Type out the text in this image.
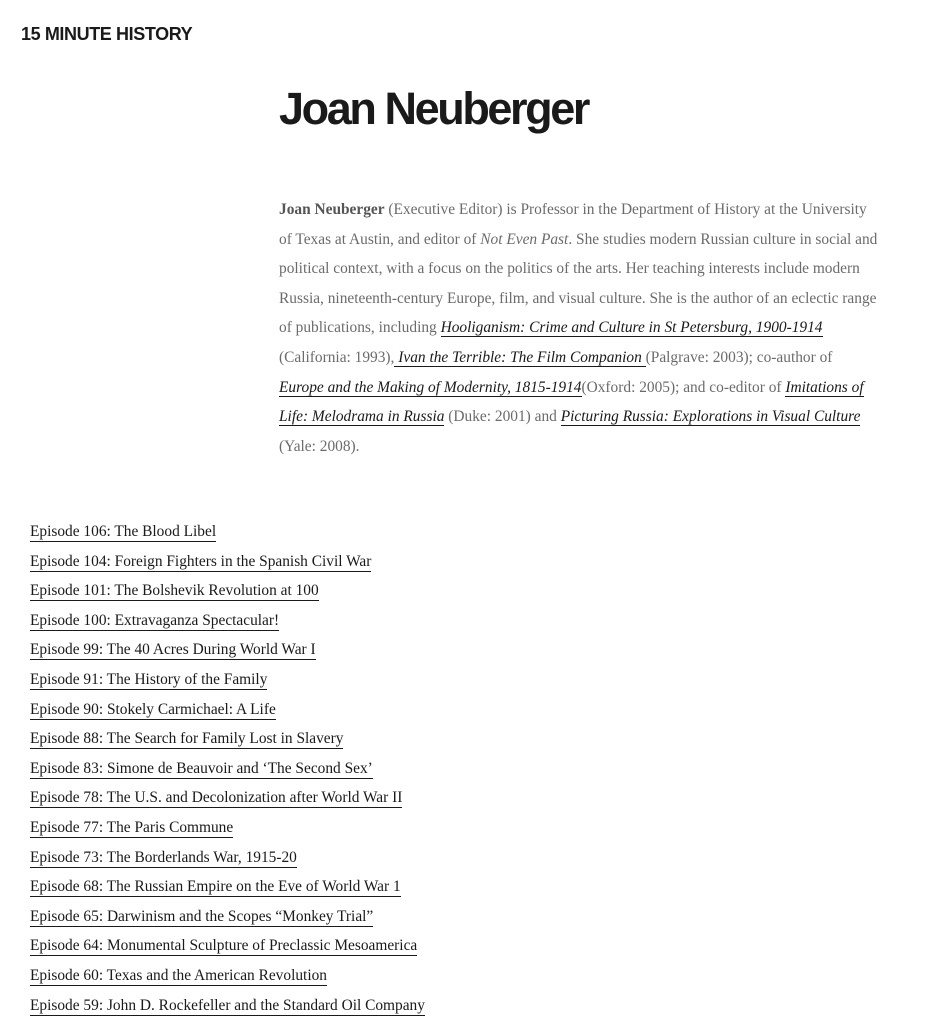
15 MINUTE HISTORY
Joan Neuberger

Joan Neuberger (Executive Editor) is Professor in the Department of History at the University of Texas at Austin, and editor of Not Even Past. She studies modern Russian culture in social and political context, with a focus on the politics of the arts. Her teaching interests include modern Russia, nineteenth-century Europe, film, and visual culture. She is the author of an eclectic range of publications, including Hooliganism: Crime and Culture in St Petersburg, 1900-1914 (California: 1993), Ivan the Terrible: The Film Companion (Palgrave: 2003); co-author of Europe and the Making of Modernity, 1815-1914(Oxford: 2005); and co-editor of Imitations of Life: Melodrama in Russia (Duke: 2001) and Picturing Russia: Explorations in Visual Culture (Yale: 2008).

Episode 106: The Blood Libel
Episode 104: Foreign Fighters in the Spanish Civil War
Episode 101: The Bolshevik Revolution at 100
Episode 100: Extravaganza Spectacular!
Episode 99: The 40 Acres During World War I
Episode 91: The History of the Family
Episode 90: Stokely Carmichael: A Life
Episode 88: The Search for Family Lost in Slavery
Episode 83: Simone de Beauvoir and ‘The Second Sex’
Episode 78: The U.S. and Decolonization after World War II
Episode 77: The Paris Commune
Episode 73: The Borderlands War, 1915-20
Episode 68: The Russian Empire on the Eve of World War 1
Episode 65: Darwinism and the Scopes “Monkey Trial”
Episode 64: Monumental Sculpture of Preclassic Mesoamerica
Episode 60: Texas and the American Revolution
Episode 59: John D. Rockefeller and the Standard Oil Company
